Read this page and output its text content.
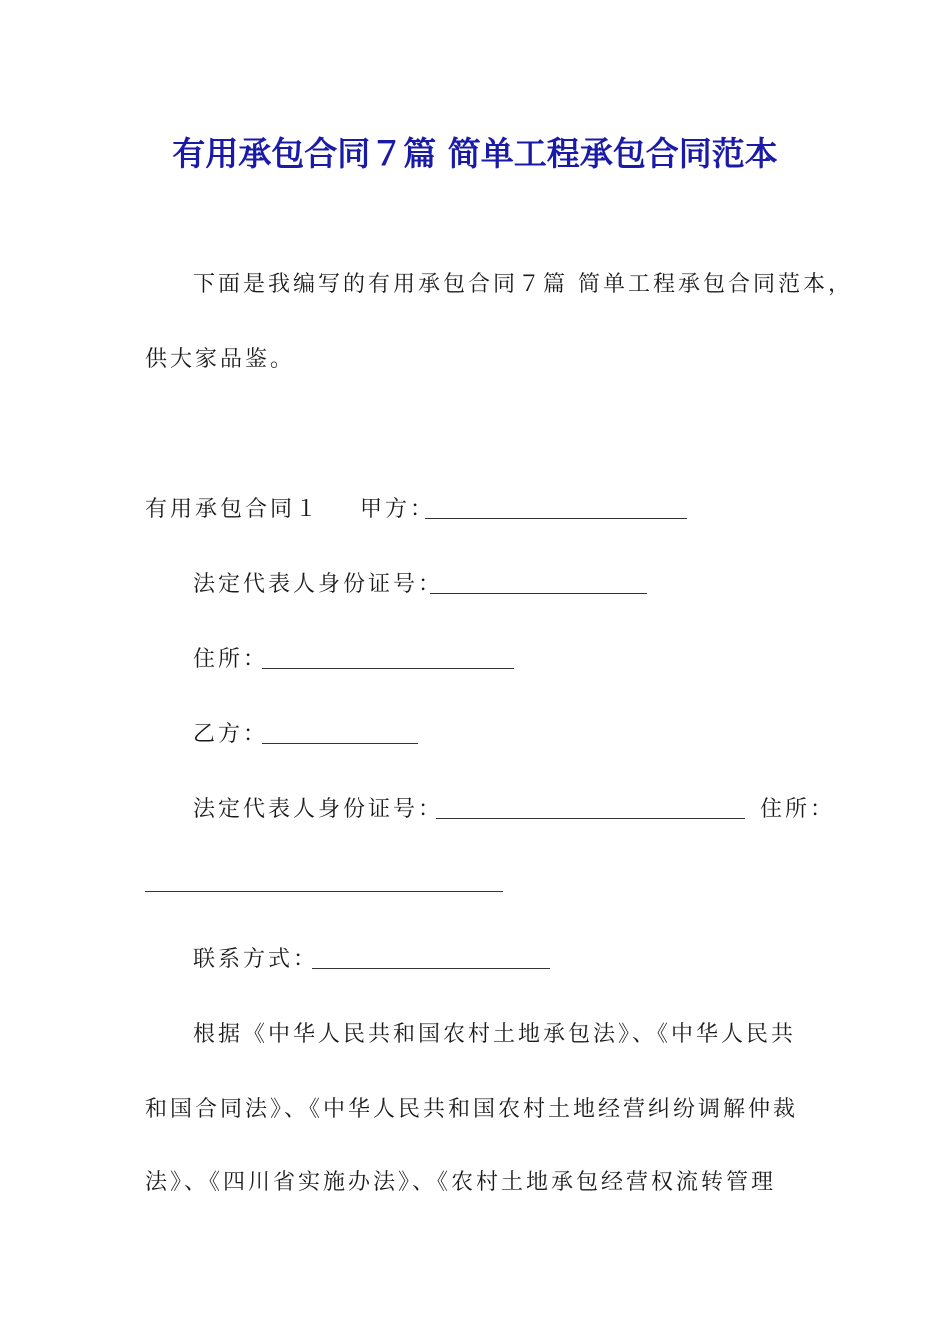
有用承包合同７篇 简单工程承包合同范本
下面是我编写的有用承包合同７篇 简单工程承包合同范本，
供大家品鉴。
有用承包合同１ 甲方：
法定代表人身份证号：
住所：
乙方：
法定代表人身份证号：	住所：
联系方式：
根据《中华人民共和国农村土地承包法》、《中华人民共
和国合同法》、《中华人民共和国农村土地经营纠纷调解仲裁
法》、《四川省实施办法》、《农村土地承包经营权流转管理
